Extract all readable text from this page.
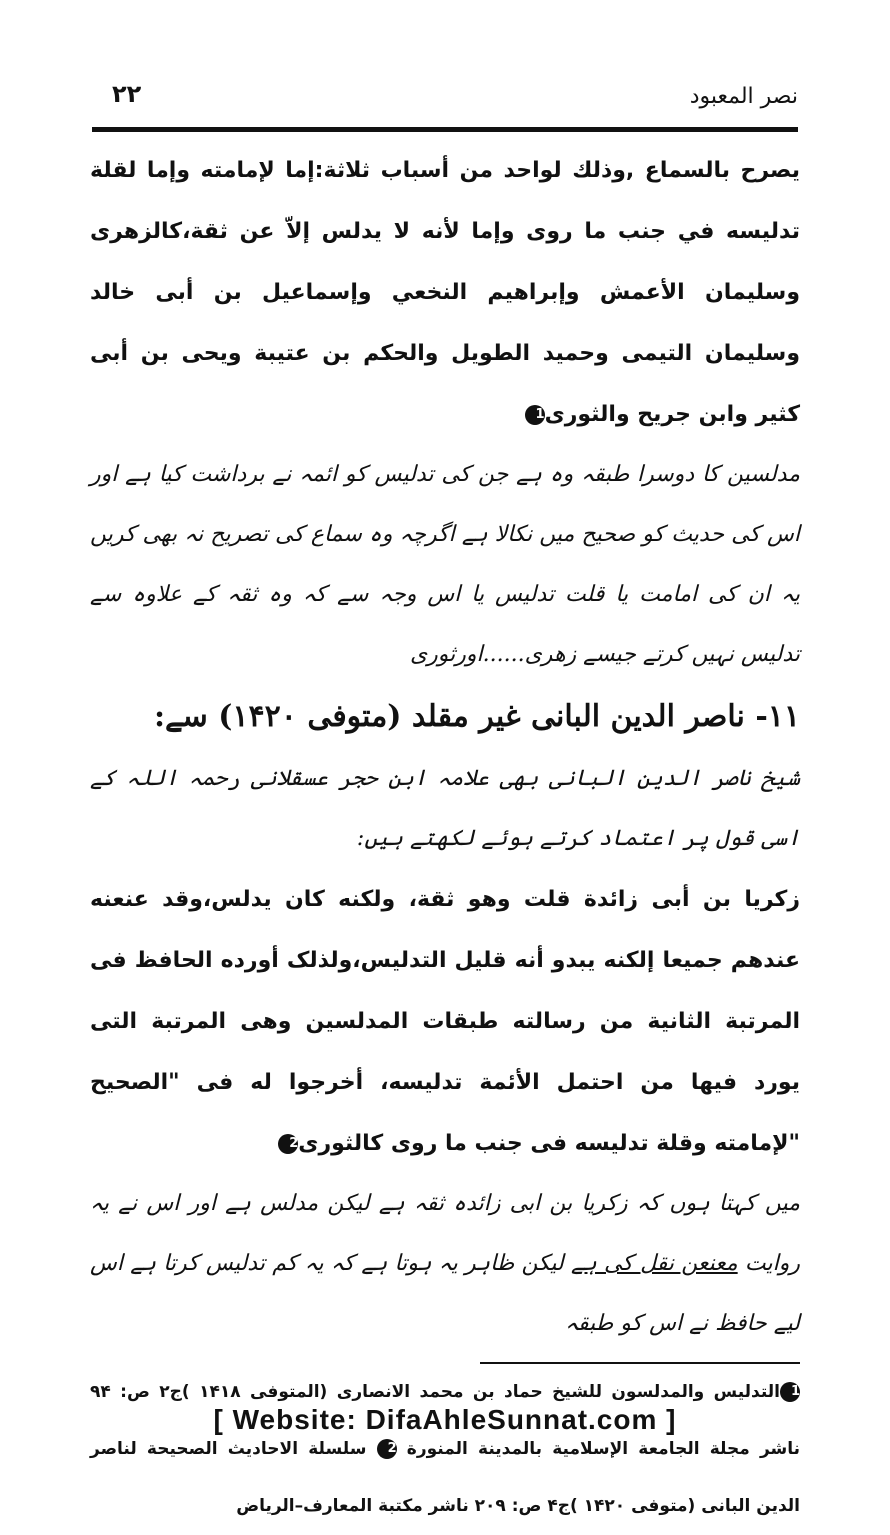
۲۲	نصر المعبود

يصرح بالسماع ,وذلك لواحد من أسباب ثلاثة:إما لإمامته وإما لقلة تدليسه في جنب ما روى وإما لأنه لا يدلس إلاّ عن ثقة،كالزهرى وسليمان الأعمش وإبراهيم النخعي وإسماعيل بن أبى خالد وسليمان التيمى وحميد الطويل والحكم بن عتيبة ويحى بن أبى كثير وابن جريح والثورى1

مدلسین کا دوسرا طبقہ وہ ہے جن کی تدلیس کو ائمہ نے برداشت کیا ہے اور اس کی حدیث کو صحیح میں نکالا ہے اگرچہ وہ سماع کی تصریح نہ بھی کریں یہ ان کی امامت یا قلت تدلیس یا اس وجہ سے کہ وہ ثقہ کے علاوہ سے تدلیس نہیں کرتے جیسے زھری......اورثوری

۱۱- ناصر الدین البانی غیر مقلد (متوفی ۱۴۲۰) سے:

شیخ ناصر الدین البانی بھی علامہ ابن حجر عسقلانی رحمہ اللہ کے اسی قول پر اعتماد کرتے ہوئے لکھتے ہیں:

زكريا بن أبى زائدة قلت وهو ثقة، ولكنه كان يدلس،وقد عنعنه عندهم جميعا إلكنه يبدو أنه قليل التدليس،ولذلک أورده الحافظ فى المرتبة الثانية من رسالته طبقات المدلسين وهى المرتبة التى يورد فيها من احتمل الأئمة تدليسه، أخرجوا له فى "الصحيح "لإمامته وقلة تدليسه فى جنب ما روى كالثورى2

میں کہتا ہوں کہ زکریا بن ابی زائدہ ثقہ ہے لیکن مدلس ہے اور اس نے یہ روایت معنعن نقل کی ہے لیکن ظاہر یہ ہوتا ہے کہ یہ کم تدلیس کرتا ہے اس لیے حافظ نے اس کو طبقہ

1التدليس والمدلسون للشيخ حماد بن محمد الانصارى (المتوفى ۱۴۱۸ )ج۲ ص: ۹۴ ناشر مجلة الجامعة الإسلامية بالمدينة المنورة 2 سلسلة الاحاديث الصحيحة لناصر الدين البانى (متوفى ۱۴۲۰ )ج۴ ص: ۲۰۹ ناشر مكتبة المعارف–الرياض

[ Website: DifaAhleSunnat.com ]
